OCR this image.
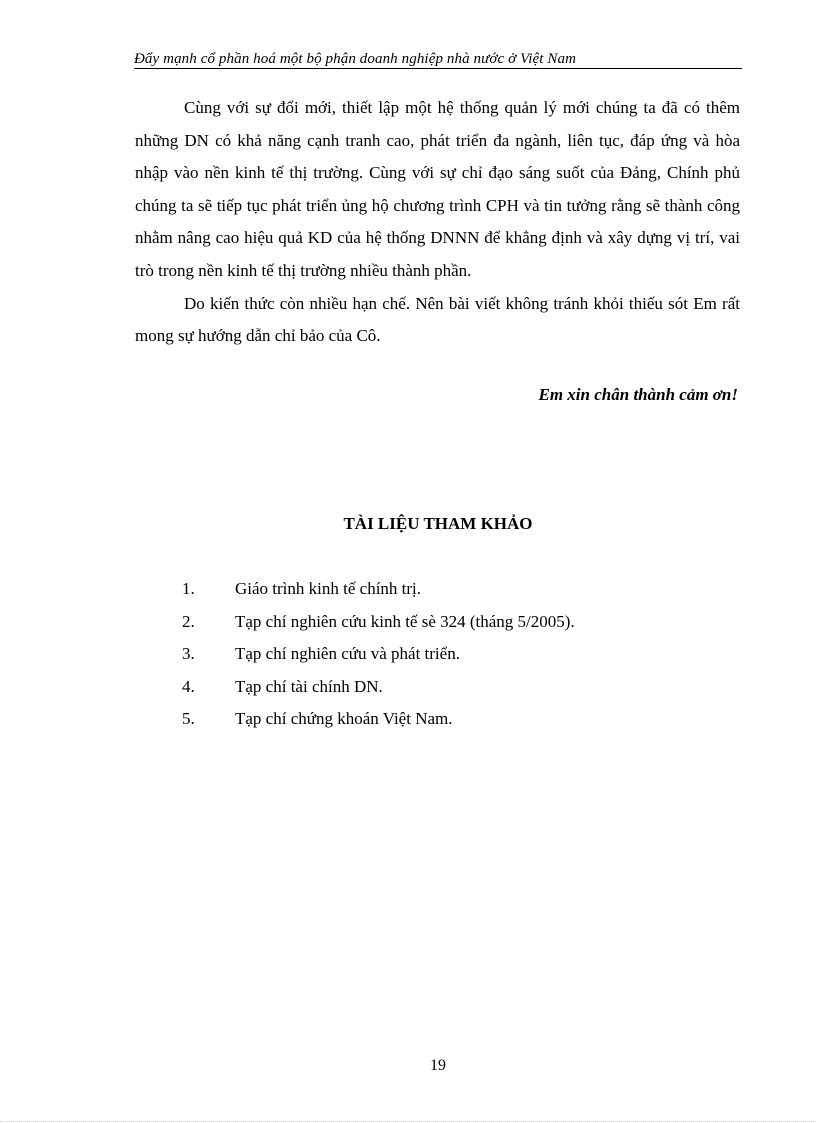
Đẩy mạnh cổ phần hoá một bộ phận doanh nghiệp nhà nước ở Việt Nam

Cùng với sự đổi mới, thiết lập một hệ thống quản lý mới chúng ta đã có thêm những DN có khả năng cạnh tranh cao, phát triển đa ngành, liên tục, đáp ứng và hòa nhập vào nền kinh tế thị trường. Cùng với sự chỉ đạo sáng suốt của Đảng, Chính phủ chúng ta sẽ tiếp tục phát triển ủng hộ chương trình CPH và tin tưởng rằng sẽ thành công nhằm nâng cao hiệu quả KD của hệ thống DNNN để khẳng định và xây dựng vị trí, vai trò trong nền kinh tế thị trường nhiều thành phần.

Do kiến thức còn nhiều hạn chế. Nên bài viết không tránh khỏi thiếu sót Em rất mong sự hướng dẫn chỉ bảo của Cô.

Em xin chân thành cảm ơn!
TÀI LIỆU THAM KHẢO
1. Giáo trình kinh tế chính trị.
2. Tạp chí nghiên cứu kinh tế sè 324 (tháng 5/2005).
3. Tạp chí nghiên cứu và phát triển.
4. Tạp chí tài chính DN.
5. Tạp chí chứng khoán Việt Nam.
19
